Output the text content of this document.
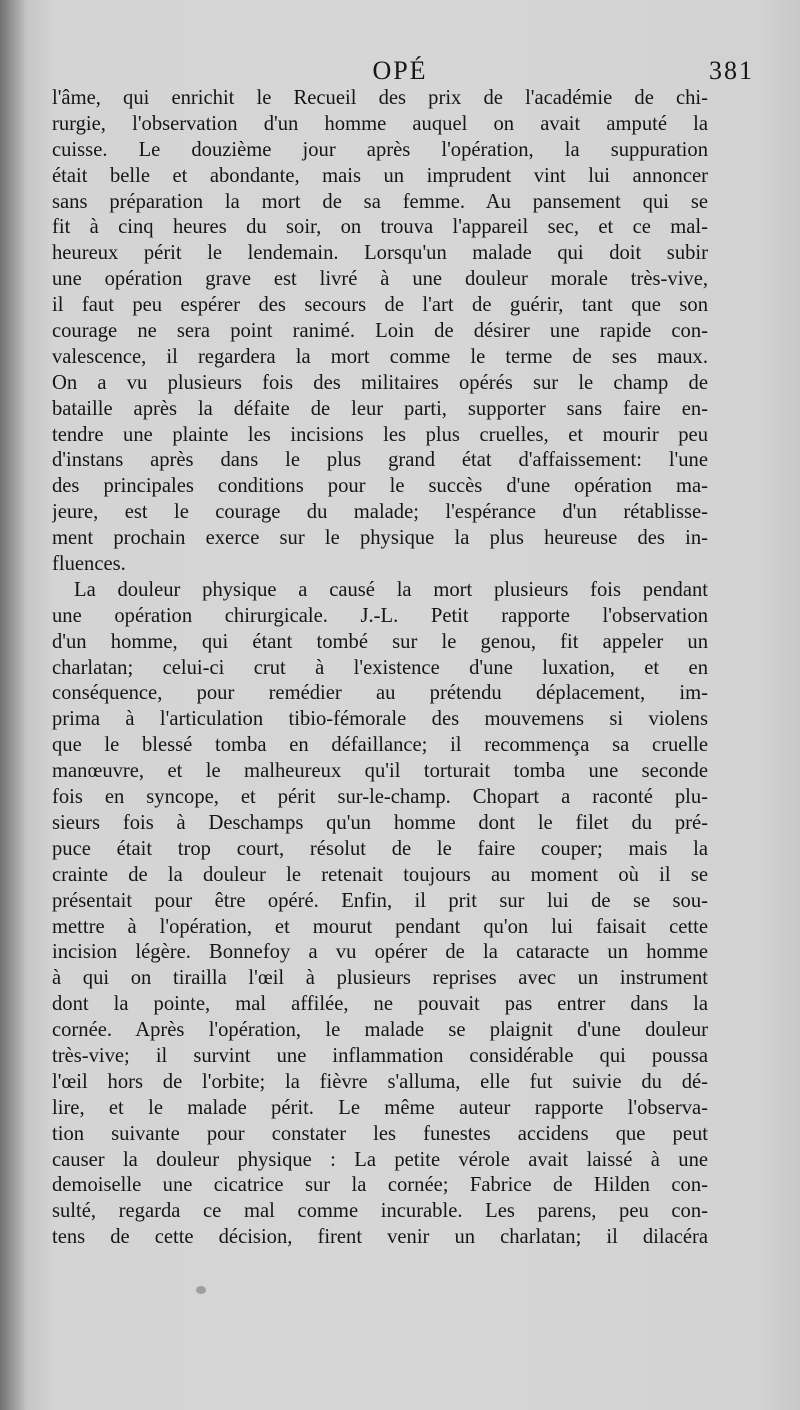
OPÉ	381
l'âme, qui enrichit le Recueil des prix de l'académie de chi-
rurgie, l'observation d'un homme auquel on avait amputé la
cuisse. Le douzième jour après l'opération, la suppuration
était belle et abondante, mais un imprudent vint lui annoncer
sans préparation la mort de sa femme. Au pansement qui se
fit à cinq heures du soir, on trouva l'appareil sec, et ce mal-
heureux périt le lendemain. Lorsqu'un malade qui doit subir
une opération grave est livré à une douleur morale très-vive,
il faut peu espérer des secours de l'art de guérir, tant que son
courage ne sera point ranimé. Loin de désirer une rapide con-
valescence, il regardera la mort comme le terme de ses maux.
On a vu plusieurs fois des militaires opérés sur le champ de
bataille après la défaite de leur parti, supporter sans faire en-
tendre une plainte les incisions les plus cruelles, et mourir peu
d'instans après dans le plus grand état d'affaissement: l'une
des principales conditions pour le succès d'une opération ma-
jeure, est le courage du malade; l'espérance d'un rétablisse-
ment prochain exerce sur le physique la plus heureuse des in-
fluences.
La douleur physique a causé la mort plusieurs fois pendant
une opération chirurgicale. J.-L. Petit rapporte l'observation
d'un homme, qui étant tombé sur le genou, fit appeler un
charlatan; celui-ci crut à l'existence d'une luxation, et en
conséquence, pour remédier au prétendu déplacement, im-
prima à l'articulation tibio-fémorale des mouvemens si violens
que le blessé tomba en défaillance; il recommença sa cruelle
manœuvre, et le malheureux qu'il torturait tomba une seconde
fois en syncope, et périt sur-le-champ. Chopart a raconté plu-
sieurs fois à Deschamps qu'un homme dont le filet du pré-
puce était trop court, résolut de le faire couper; mais la
crainte de la douleur le retenait toujours au moment où il se
présentait pour être opéré. Enfin, il prit sur lui de se sou-
mettre à l'opération, et mourut pendant qu'on lui faisait cette
incision légère. Bonnefoy a vu opérer de la cataracte un homme
à qui on tirailla l'œil à plusieurs reprises avec un instrument
dont la pointe, mal affilée, ne pouvait pas entrer dans la
cornée. Après l'opération, le malade se plaignit d'une douleur
très-vive; il survint une inflammation considérable qui poussa
l'œil hors de l'orbite; la fièvre s'alluma, elle fut suivie du dé-
lire, et le malade périt. Le même auteur rapporte l'observa-
tion suivante pour constater les funestes accidens que peut
causer la douleur physique : La petite vérole avait laissé à une
demoiselle une cicatrice sur la cornée; Fabrice de Hilden con-
sulté, regarda ce mal comme incurable. Les parens, peu con-
tens de cette décision, firent venir un charlatan; il dilacéra
